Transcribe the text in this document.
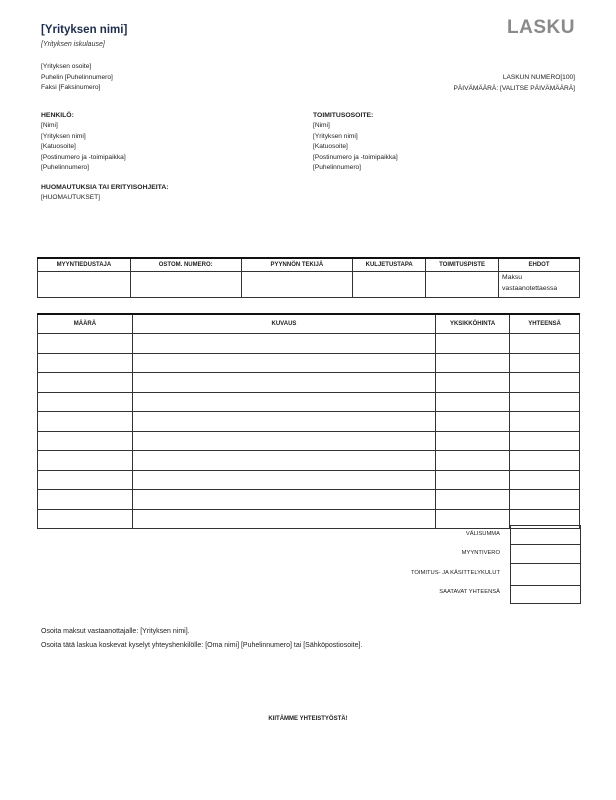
[Yrityksen nimi]
[Yrityksen iskulause]
LASKU
[Yrityksen osoite]
Puhelin [Puhelinnumero]
Faksi [Faksinumero]
LASKUN NUMERO[100]
PÄIVÄMÄÄRÄ: [VALITSE PÄIVÄMÄÄRÄ]
HENKILÖ:
[Nimi]
[Yrityksen nimi]
[Katuosoite]
[Postinumero ja -toimipaikka]
[Puhelinnumero]
TOIMITUSOSOITE:
[Nimi]
[Yrityksen nimi]
[Katuosoite]
[Postinumero ja -toimipaikka]
[Puhelinnumero]
HUOMAUTUKSIA TAI ERITYISOHJEITA:
[HUOMAUTUKSET]
MYYNTIEDUSTAJA	OSTOM. NUMERO:	PYYNNÖN TEKIJÄ	KULJETUSTAPA	TOIMITUSPISTE	EHDOT
					Maksu vastaanotettaessa
MÄÄRÄ	KUVAUS	YKSIKKÖHINTA	YHTEENSÄ

VÄLISUMMA
MYYNTIVERO
TOIMITUS- JA KÄSITTELYKULUT
SAATAVAT YHTEENSÄ
Osoita maksut vastaanottajalle: [Yrityksen nimi].
Osoita tätä laskua koskevat kyselyt yhteyshenkilölle: [Oma nimi] [Puhelinnumero] tai [Sähköpostiosoite].
KIITÄMME YHTEISTYÖSTÄ!
